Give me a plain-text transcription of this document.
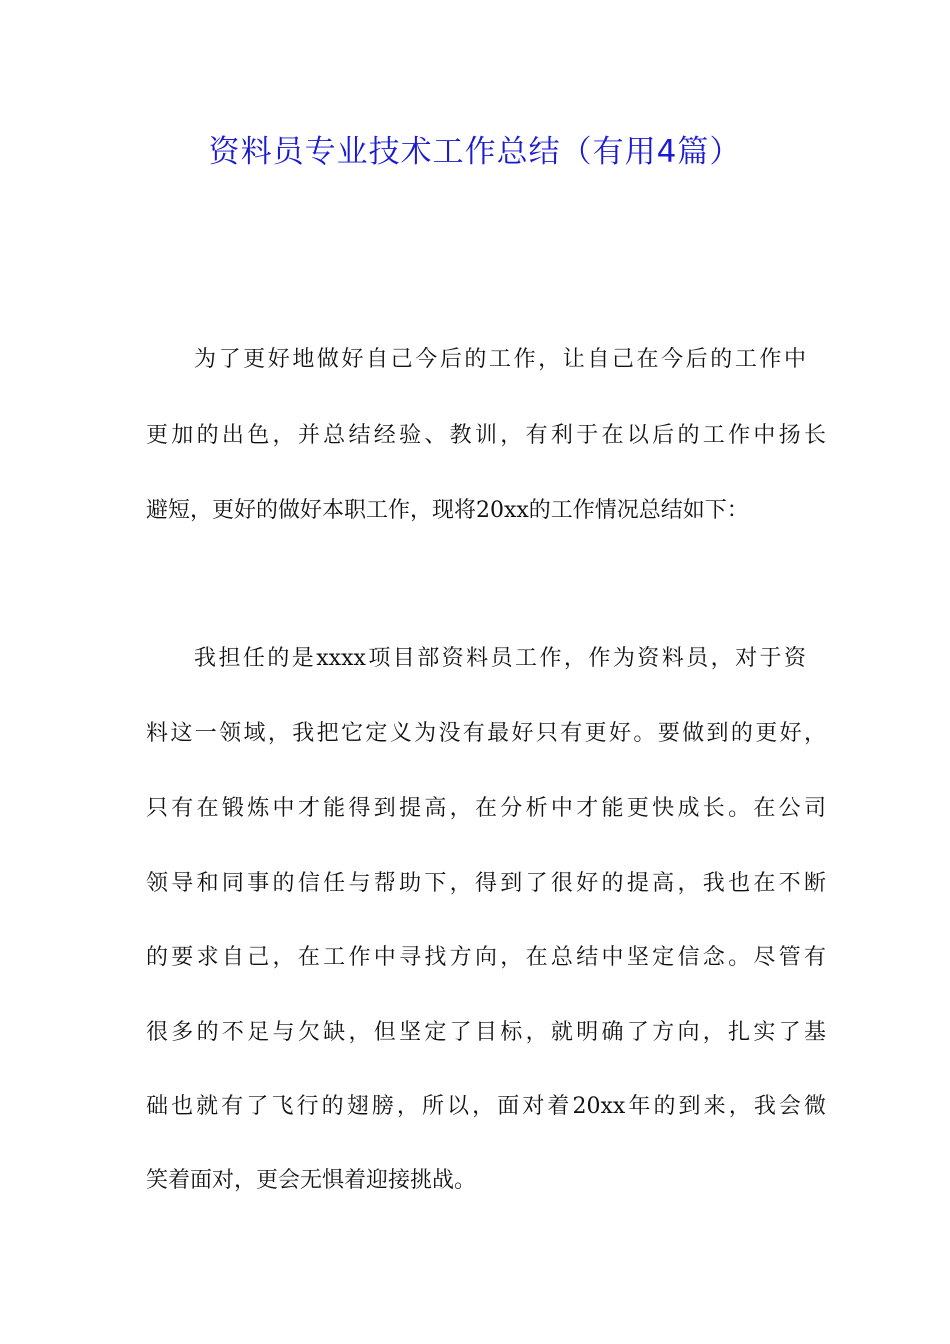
资料员专业技术工作总结（有用4篇）

为了更好地做好自己今后的工作，让自己在今后的工作中

更加的出色，并总结经验、教训，有利于在以后的工作中扬长

避短，更好的做好本职工作，现将20xx的工作情况总结如下：

我担任的是xxxx项目部资料员工作，作为资料员，对于资

料这一领域，我把它定义为没有最好只有更好。要做到的更好，

只有在锻炼中才能得到提高，在分析中才能更快成长。在公司

领导和同事的信任与帮助下，得到了很好的提高，我也在不断

的要求自己，在工作中寻找方向，在总结中坚定信念。尽管有

很多的不足与欠缺，但坚定了目标，就明确了方向，扎实了基

础也就有了飞行的翅膀，所以，面对着20xx年的到来，我会微

笑着面对，更会无惧着迎接挑战。
